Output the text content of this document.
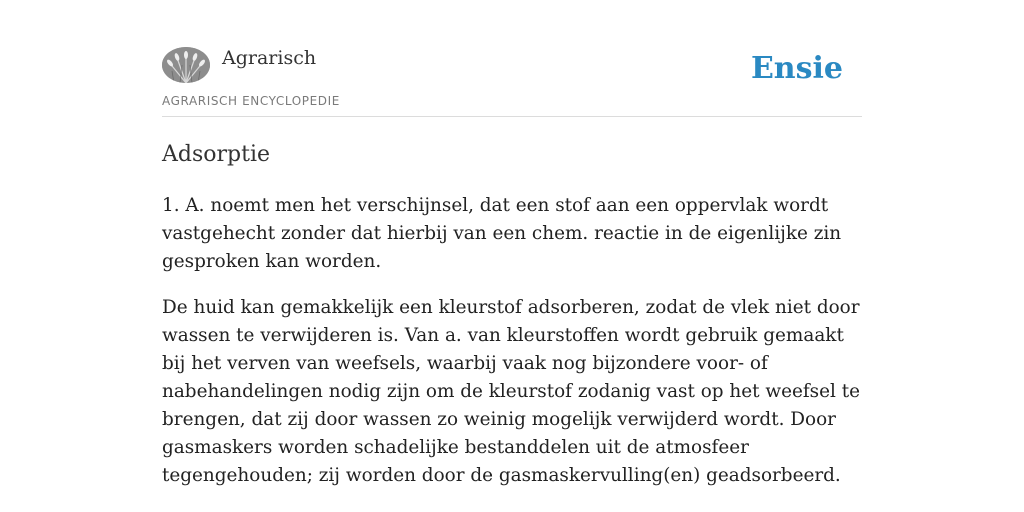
Agrarisch
AGRARISCH ENCYCLOPEDIE
Ensie
Adsorptie

1. A. noemt men het verschijnsel, dat een stof aan een oppervlak wordt vastgehecht zonder dat hierbij van een chem. reactie in de eigenlijke zin gesproken kan worden.

De huid kan gemakkelijk een kleurstof adsorberen, zodat de vlek niet door wassen te verwijderen is. Van a. van kleurstoffen wordt gebruik gemaakt bij het verven van weefsels, waarbij vaak nog bijzondere voor- of nabehandelingen nodig zijn om de kleurstof zodanig vast op het weefsel te brengen, dat zij door wassen zo weinig mogelijk verwijderd wordt. Door gasmaskers worden schadelijke bestanddelen uit de atmosfeer tegengehouden; zij worden door de gasmaskervulling(en) geadsorbeerd.
